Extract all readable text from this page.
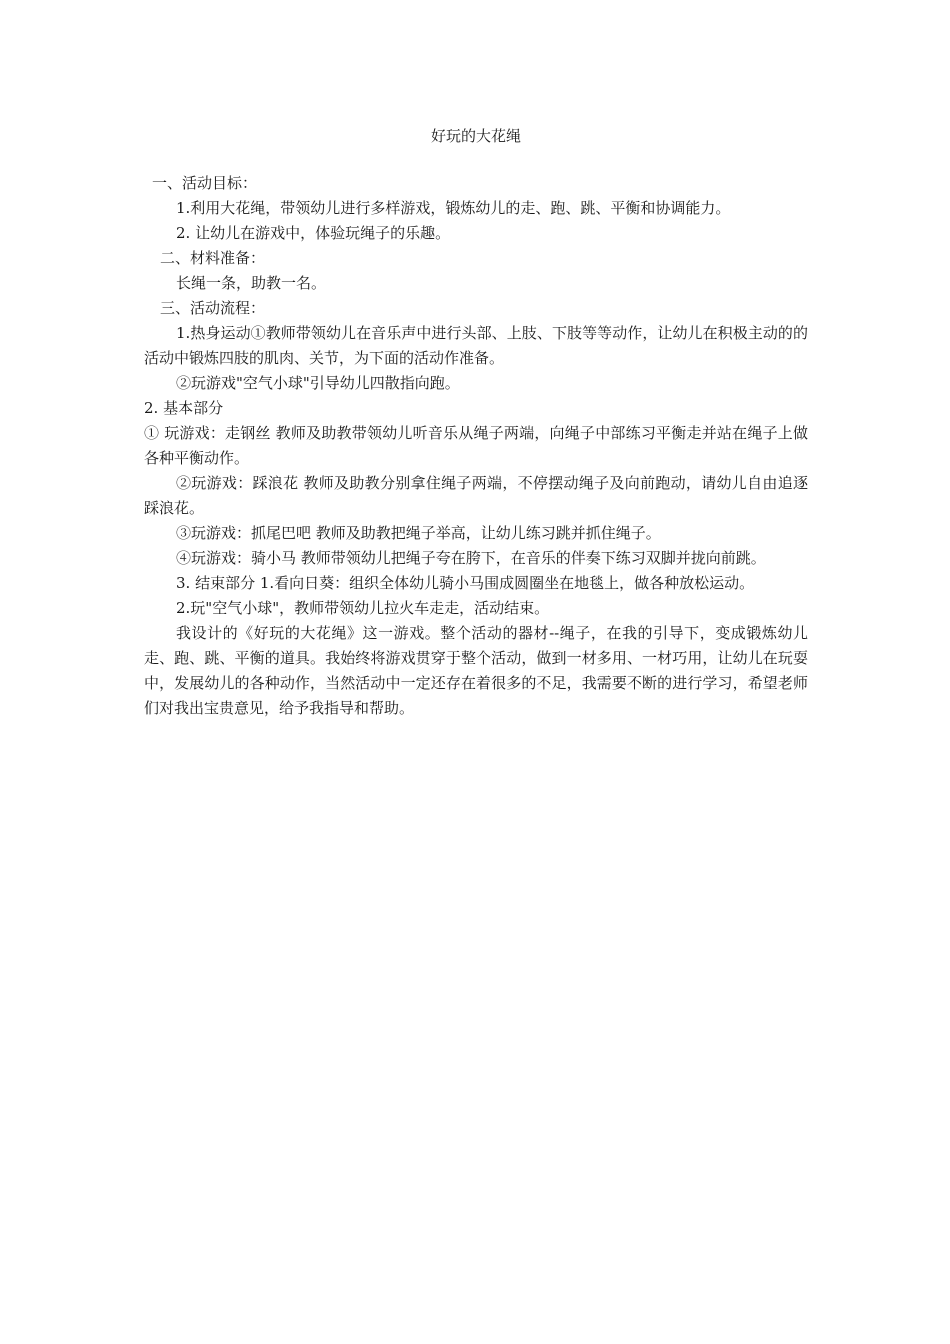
好玩的大花绳

一、活动目标：

1.利用大花绳，带领幼儿进行多样游戏，锻炼幼儿的走、跑、跳、平衡和协调能力。

2. 让幼儿在游戏中，体验玩绳子的乐趣。

二、材料准备：

长绳一条，助教一名。

三、活动流程：

1.热身运动①教师带领幼儿在音乐声中进行头部、上肢、下肢等等动作，让幼儿在积极主动的的活动中锻炼四肢的肌肉、关节，为下面的活动作准备。

②玩游戏"空气小球"引导幼儿四散指向跑。

2. 基本部分

① 玩游戏：走钢丝 教师及助教带领幼儿听音乐从绳子两端，向绳子中部练习平衡走并站在绳子上做各种平衡动作。

②玩游戏：踩浪花 教师及助教分别拿住绳子两端，不停摆动绳子及向前跑动，请幼儿自由追逐踩浪花。

③玩游戏：抓尾巴吧 教师及助教把绳子举高，让幼儿练习跳并抓住绳子。

④玩游戏：骑小马 教师带领幼儿把绳子夸在胯下，在音乐的伴奏下练习双脚并拢向前跳。

3. 结束部分 1.看向日葵：组织全体幼儿骑小马围成圆圈坐在地毯上，做各种放松运动。

2.玩"空气小球"，教师带领幼儿拉火车走走，活动结束。

我设计的《好玩的大花绳》这一游戏。整个活动的器材--绳子，在我的引导下，变成锻炼幼儿走、跑、跳、平衡的道具。我始终将游戏贯穿于整个活动，做到一材多用、一材巧用，让幼儿在玩耍中，发展幼儿的各种动作，当然活动中一定还存在着很多的不足，我需要不断的进行学习，希望老师们对我出宝贵意见，给予我指导和帮助。
